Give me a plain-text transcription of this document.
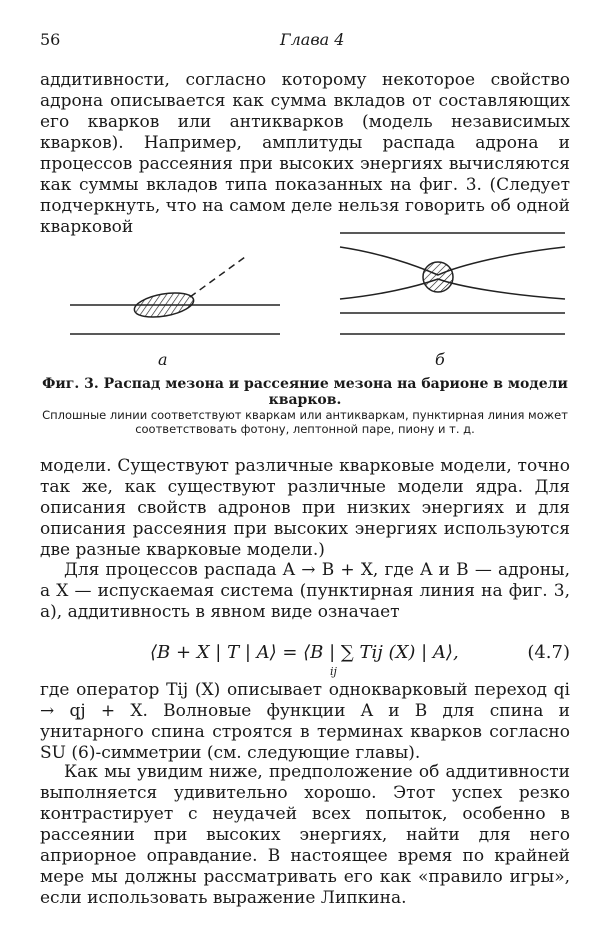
56	Глава 4

аддитивности, согласно которому некоторое свойство адрона описывается как сумма вкладов от составляющих его кварков или антикварков (модель независимых кварков). Например, амплитуды распада адрона и процессов рассеяния при высоких энергиях вычисляются как суммы вкладов типа показанных на фиг. 3. (Следует подчеркнуть, что на самом деле нельзя говорить об одной кварковой

а	б
Фиг. 3. Распад мезона и рассеяние мезона на барионе в модели кварков.
Сплошные линии соответствуют кваркам или антикваркам, пунктирная линия может соответствовать фотону, лептонной паре, пиону и т. д.

модели. Существуют различные кварковые модели, точно так же, как существуют различные модели ядра. Для описания свойств адронов при низких энергиях и для описания рассеяния при высоких энергиях используются две разные кварковые модели.)

Для процессов распада A → B + X, где A и B — адроны, а X — испускаемая система (пунктирная линия на фиг. 3, а), аддитивность в явном виде означает

⟨B + X | T | A⟩ = ⟨B | ∑ Tij (X) | A⟩,
ij
(4.7)

где оператор Tij (X) описывает однокварковый переход qi → qj + X. Волновые функции A и B для спина и унитарного спина строятся в терминах кварков согласно SU (6)-симметрии (см. следующие главы).

Как мы увидим ниже, предположение об аддитивности выполняется удивительно хорошо. Этот успех резко контрастирует с неудачей всех попыток, особенно в рассеянии при высоких энергиях, найти для него априорное оправдание. В настоящее время по крайней мере мы должны рассматривать его как «правило игры», если использовать выражение Липкина.
